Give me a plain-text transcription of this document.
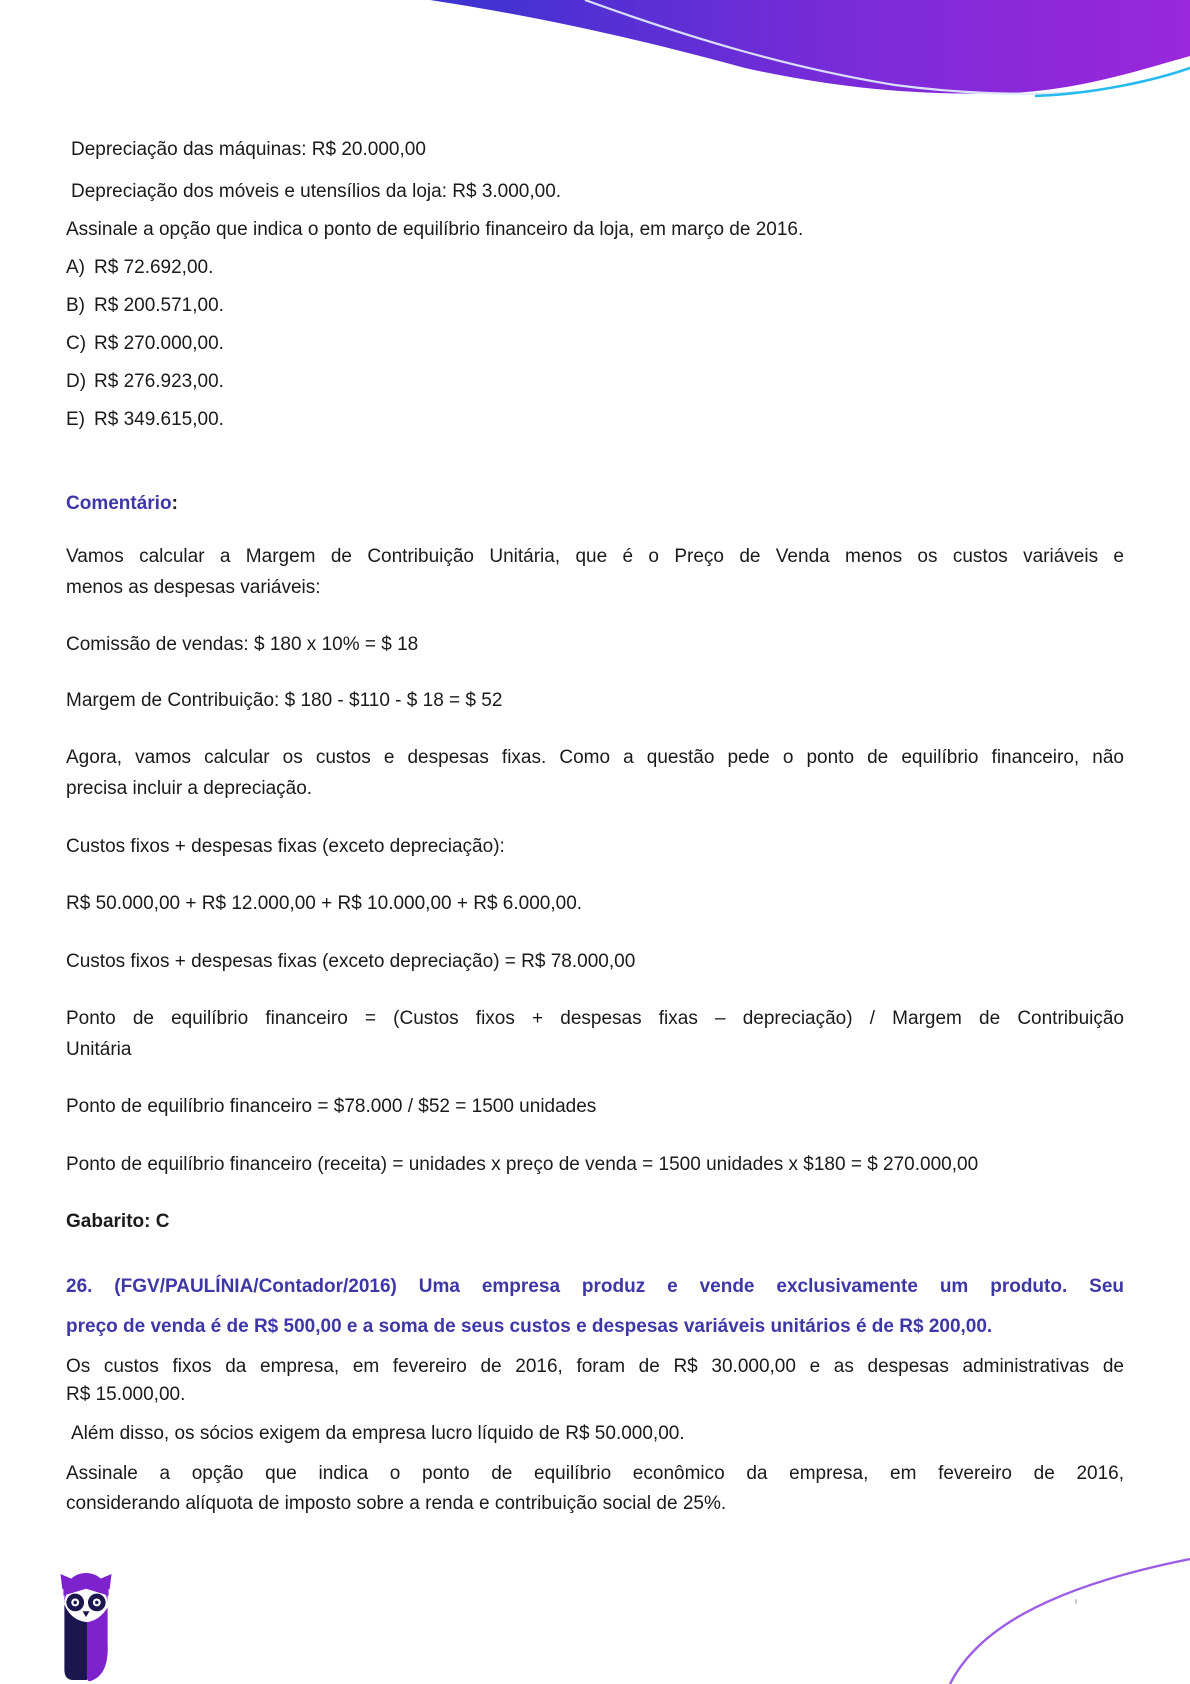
Depreciação das máquinas: R$ 20.000,00

Depreciação dos móveis e utensílios da loja: R$ 3.000,00.

Assinale a opção que indica o ponto de equilíbrio financeiro da loja, em março de 2016.

A) R$ 72.692,00.

B) R$ 200.571,00.

C) R$ 270.000,00.

D) R$ 276.923,00.

E) R$ 349.615,00.

Comentário:

Vamos calcular a Margem de Contribuição Unitária, que é o Preço de Venda menos os custos variáveis e
menos as despesas variáveis:

Comissão de vendas: $ 180 x 10% = $ 18

Margem de Contribuição: $ 180 - $110 - $ 18 = $ 52

Agora, vamos calcular os custos e despesas fixas. Como a questão pede o ponto de equilíbrio financeiro, não
precisa incluir a depreciação.

Custos fixos + despesas fixas (exceto depreciação):

R$ 50.000,00 + R$ 12.000,00 + R$ 10.000,00 + R$ 6.000,00.

Custos fixos + despesas fixas (exceto depreciação) = R$ 78.000,00

Ponto de equilíbrio financeiro = (Custos fixos + despesas fixas – depreciação) / Margem de Contribuição
Unitária

Ponto de equilíbrio financeiro = $78.000 / $52 = 1500 unidades

Ponto de equilíbrio financeiro (receita) = unidades x preço de venda = 1500 unidades x $180 = $ 270.000,00

Gabarito: C

26. (FGV/PAULÍNIA/Contador/2016) Uma empresa produz e vende exclusivamente um produto. Seu
preço de venda é de R$ 500,00 e a soma de seus custos e despesas variáveis unitários é de R$ 200,00.

Os custos fixos da empresa, em fevereiro de 2016, foram de R$ 30.000,00 e as despesas administrativas de
R$ 15.000,00.

Além disso, os sócios exigem da empresa lucro líquido de R$ 50.000,00.

Assinale a opção que indica o ponto de equilíbrio econômico da empresa, em fevereiro de 2016,
considerando alíquota de imposto sobre a renda e contribuição social de 25%.
